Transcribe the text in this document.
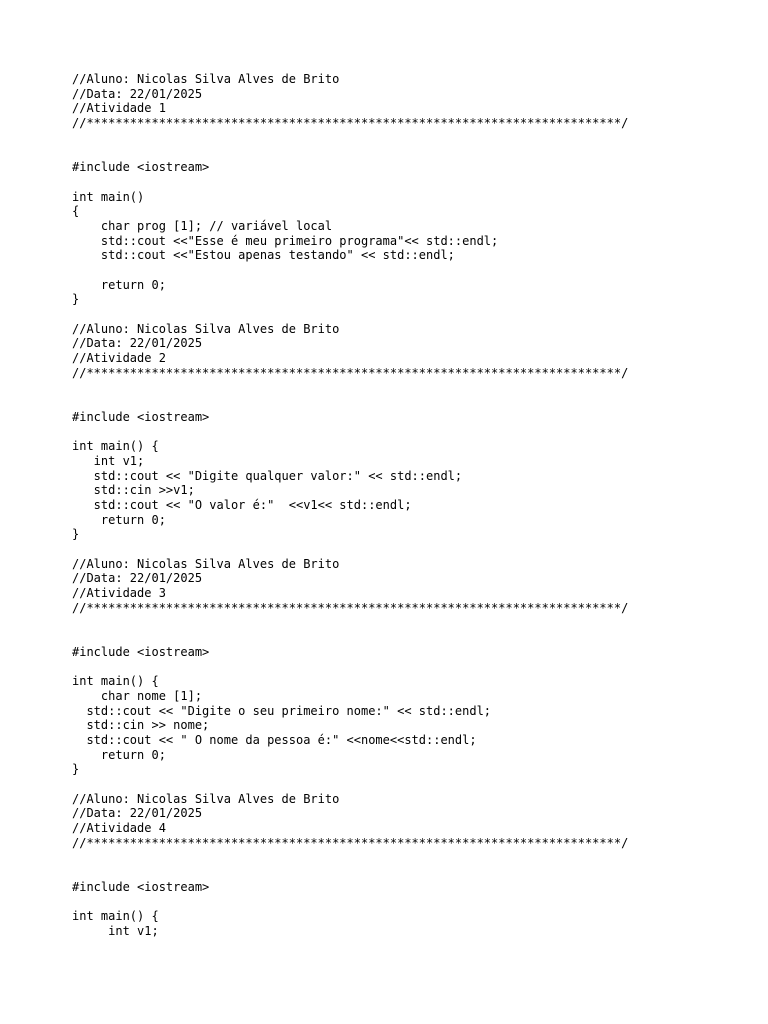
//Aluno: Nicolas Silva Alves de Brito
//Data: 22/01/2025
//Atividade 1
//**************************************************************************/
#include <iostream>
int main()
{
char prog [1]; // variável local
std::cout <<"Esse é meu primeiro programa"<< std::endl;
std::cout <<"Estou apenas testando" << std::endl;
return 0;
}
//Aluno: Nicolas Silva Alves de Brito
//Data: 22/01/2025
//Atividade 2
//**************************************************************************/
#include <iostream>
int main() {
int v1;
std::cout << "Digite qualquer valor:" << std::endl;
std::cin >>v1;
std::cout << "O valor é:"  <<v1<< std::endl;
return 0;
}
//Aluno: Nicolas Silva Alves de Brito
//Data: 22/01/2025
//Atividade 3
//**************************************************************************/
#include <iostream>
int main() {
char nome [1];
std::cout << "Digite o seu primeiro nome:" << std::endl;
std::cin >> nome;
std::cout << " O nome da pessoa é:" <<nome<<std::endl;
return 0;
}
//Aluno: Nicolas Silva Alves de Brito
//Data: 22/01/2025
//Atividade 4
//**************************************************************************/
#include <iostream>
int main() {
int v1;
